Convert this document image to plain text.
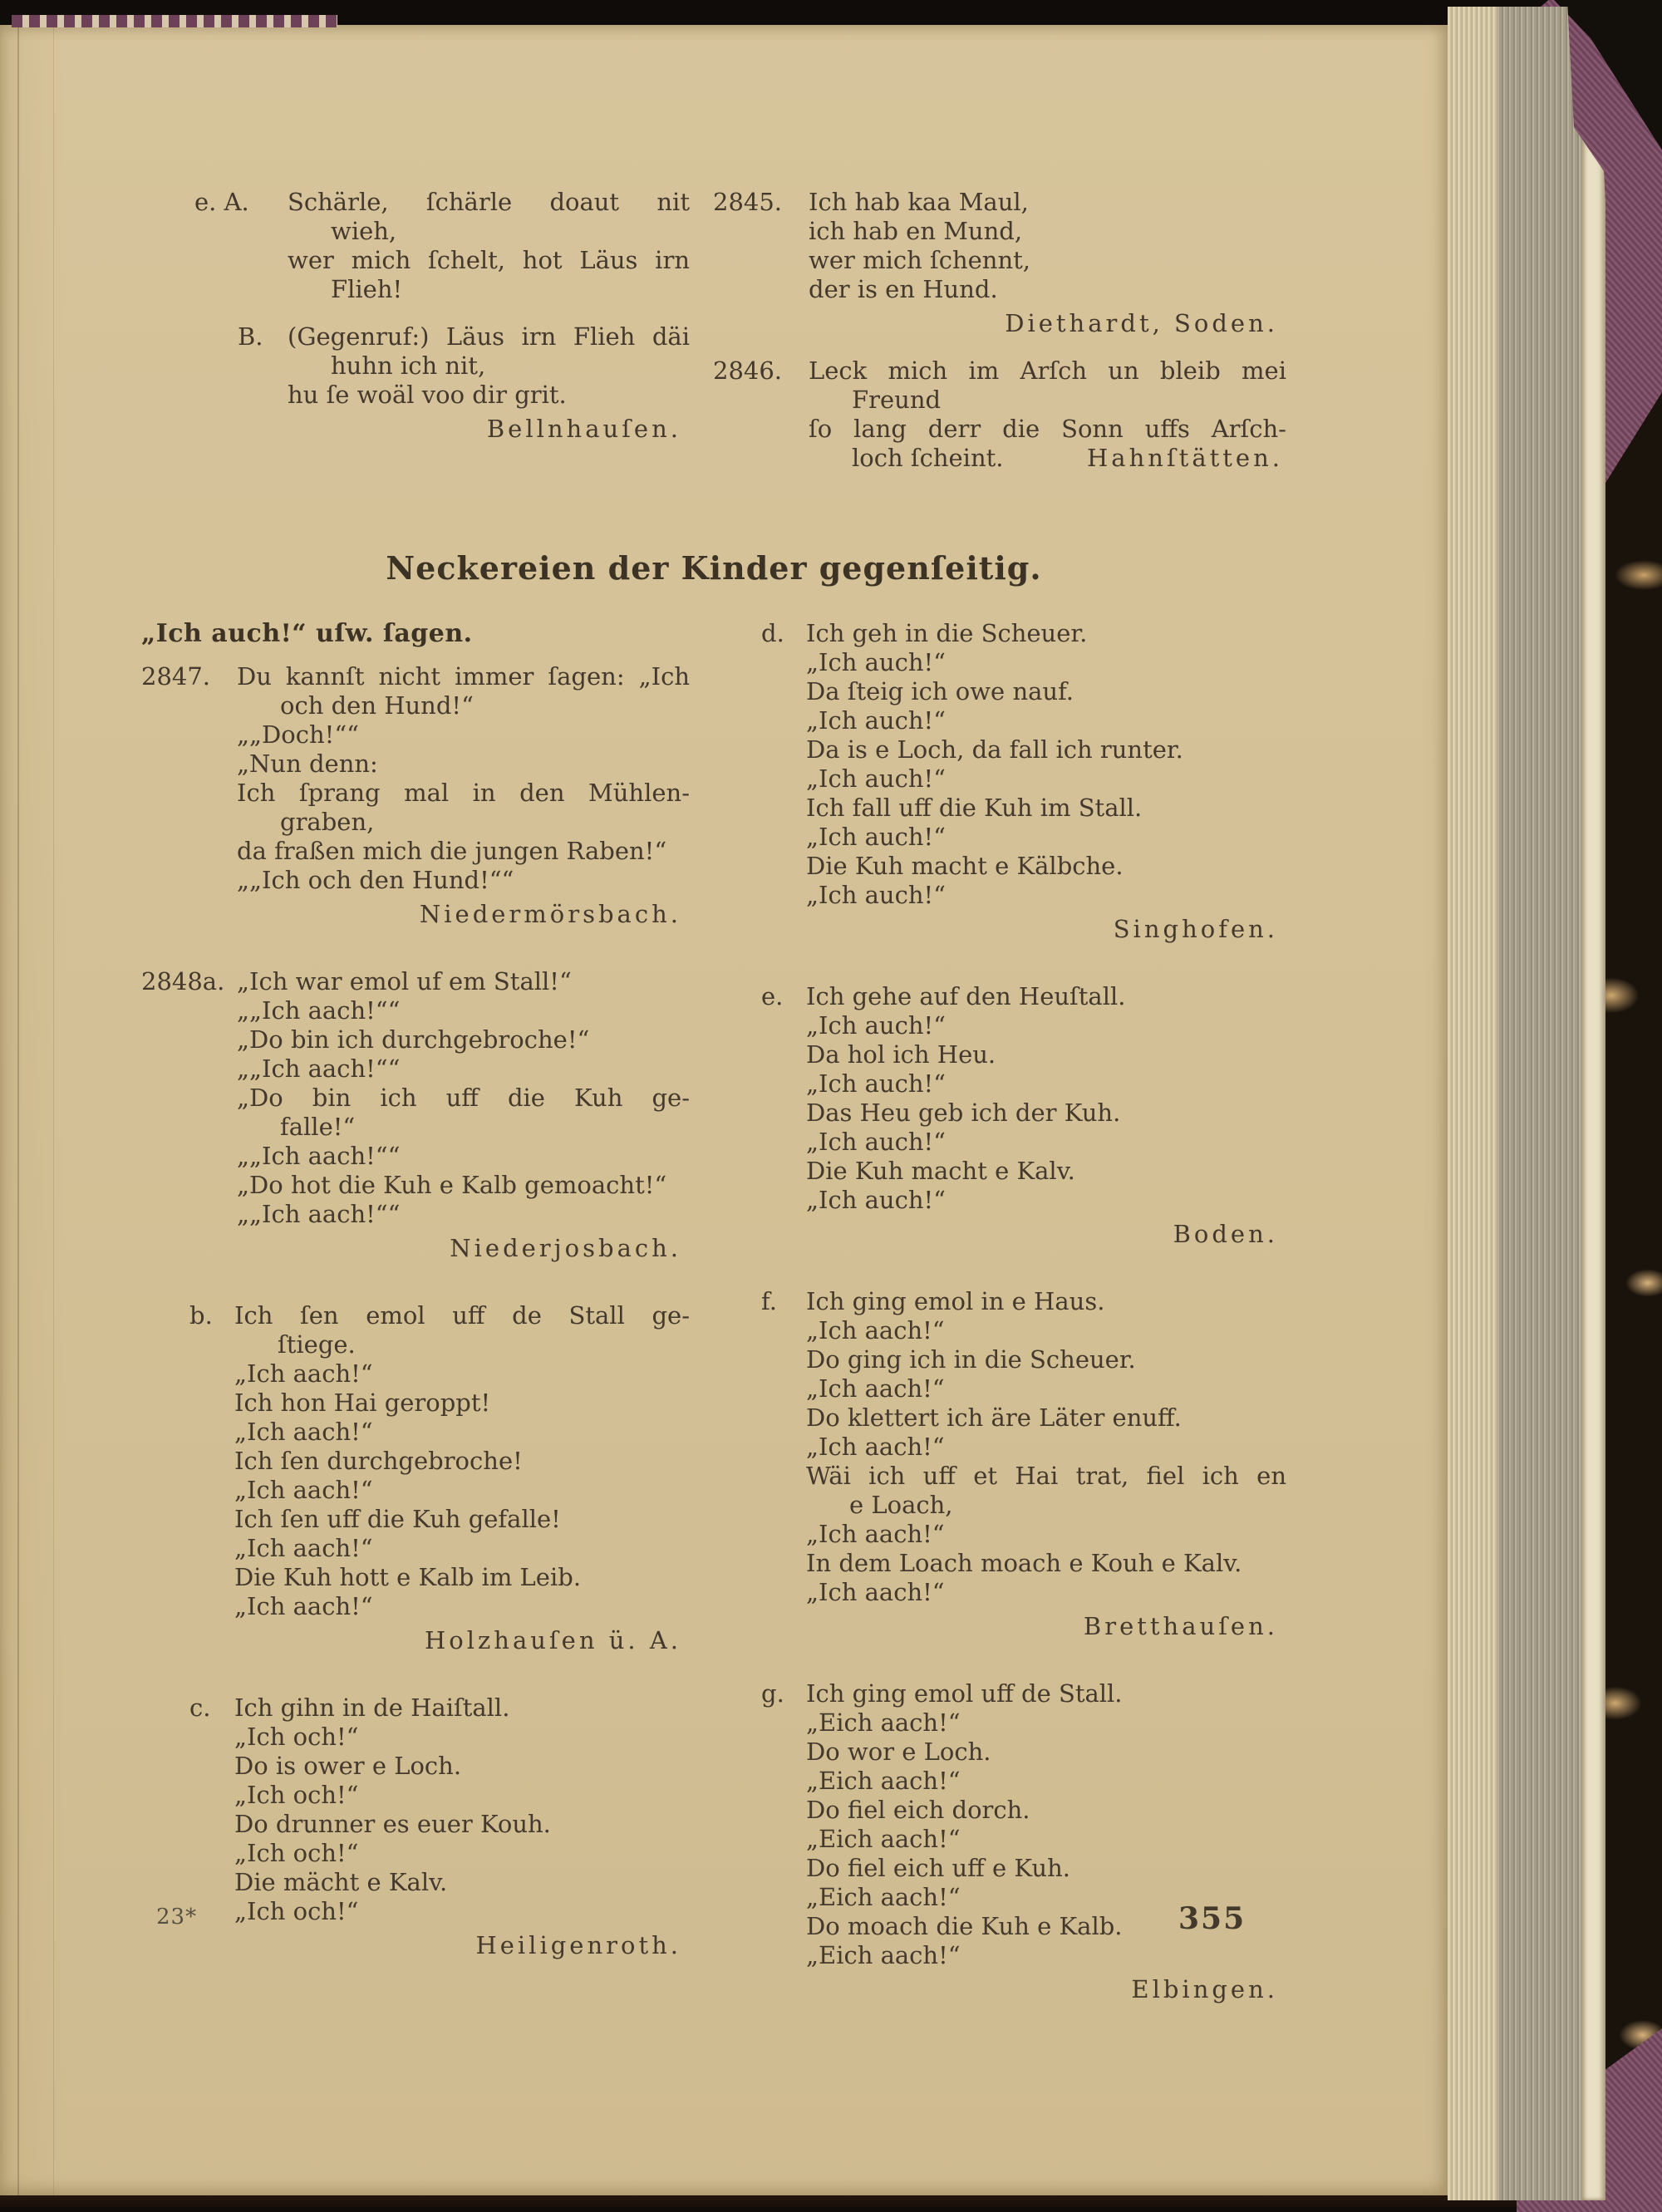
e. A.	Schärle, ſchärle doaut nit
wieh,
wer mich ſchelt, hot Läus irn
Flieh!
B.	(Gegenruf:) Läus irn Flieh däi
huhn ich nit,
hu ſe woäl voo dir grit.
Bellnhauſen.
2845.	Ich hab kaa Maul,
ich hab en Mund,
wer mich ſchennt,
der is en Hund.
Diethardt, Soden.
2846.	Leck mich im Arſch un bleib mei
Freund
ſo lang derr die Sonn uffs Arſch-
loch ſcheint.	Hahnſtätten.
Neckereien der Kinder gegenſeitig.
„Ich auch!“ uſw. ſagen.
2847.	Du kannſt nicht immer ſagen: „Ich
och den Hund!“
„„Doch!““
„Nun denn:
Ich ſprang mal in den Mühlen-
graben,
da fraßen mich die jungen Raben!“
„„Ich och den Hund!““
Niedermörsbach.
2848a. „Ich war emol uf em Stall!“
„„Ich aach!““
„Do bin ich durchgebroche!“
„„Ich aach!““
„Do bin ich uff die Kuh ge-
falle!“
„„Ich aach!““
„Do hot die Kuh e Kalb gemoacht!“
„„Ich aach!““
Niederjosbach.
b. Ich ſen emol uff de Stall ge-
ſtiege.
„Ich aach!“
Ich hon Hai geroppt!
„Ich aach!“
Ich ſen durchgebroche!
„Ich aach!“
Ich ſen uff die Kuh gefalle!
„Ich aach!“
Die Kuh hott e Kalb im Leib.
„Ich aach!“
Holzhauſen ü. A.
c. Ich gihn in de Haiſtall.
„Ich och!“
Do is ower e Loch.
„Ich och!“
Do drunner es euer Kouh.
„Ich och!“
Die mächt e Kalv.
„Ich och!“
Heiligenroth.
d. Ich geh in die Scheuer.
„Ich auch!“
Da ſteig ich owe nauf.
„Ich auch!“
Da is e Loch, da fall ich runter.
„Ich auch!“
Ich fall uff die Kuh im Stall.
„Ich auch!“
Die Kuh macht e Kälbche.
„Ich auch!“
Singhofen.
e. Ich gehe auf den Heuſtall.
„Ich auch!“
Da hol ich Heu.
„Ich auch!“
Das Heu geb ich der Kuh.
„Ich auch!“
Die Kuh macht e Kalv.
„Ich auch!“
Boden.
f.	Ich ging emol in e Haus.
„Ich aach!“
Do ging ich in die Scheuer.
„Ich aach!“
Do klettert ich äre Läter enuff.
„Ich aach!“
Wäi ich uff et Hai trat, fiel ich en
e Loach,
„Ich aach!“
In dem Loach moach e Kouh e Kalv.
„Ich aach!“
Bretthauſen.
g. Ich ging emol uff de Stall.
„Eich aach!“
Do wor e Loch.
„Eich aach!“
Do fiel eich dorch.
„Eich aach!“
Do fiel eich uff e Kuh.
„Eich aach!“
Do moach die Kuh e Kalb.
„Eich aach!“
Elbingen.
23*	355
